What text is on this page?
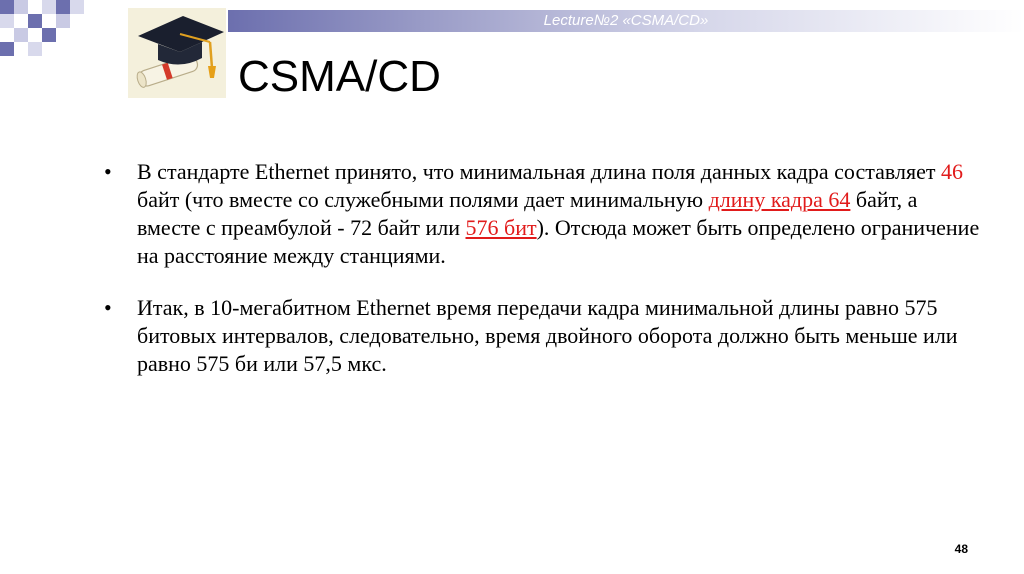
Lecture№2 «CSMA/CD»
CSMA/CD
• В стандарте Ethernet принято, что минимальная длина поля данных кадра составляет 46 байт (что вместе со служебными полями дает минимальную длину кадра 64 байт, а вместе с преамбулой - 72 байт или 576 бит). Отсюда может быть определено ограничение на расстояние между станциями.
• Итак, в 10-мегабитном Ethernet время передачи кадра минимальной длины равно 575 битовых интервалов, следовательно, время двойного оборота должно быть меньше или равно 575 би или 57,5 мкс.
48
